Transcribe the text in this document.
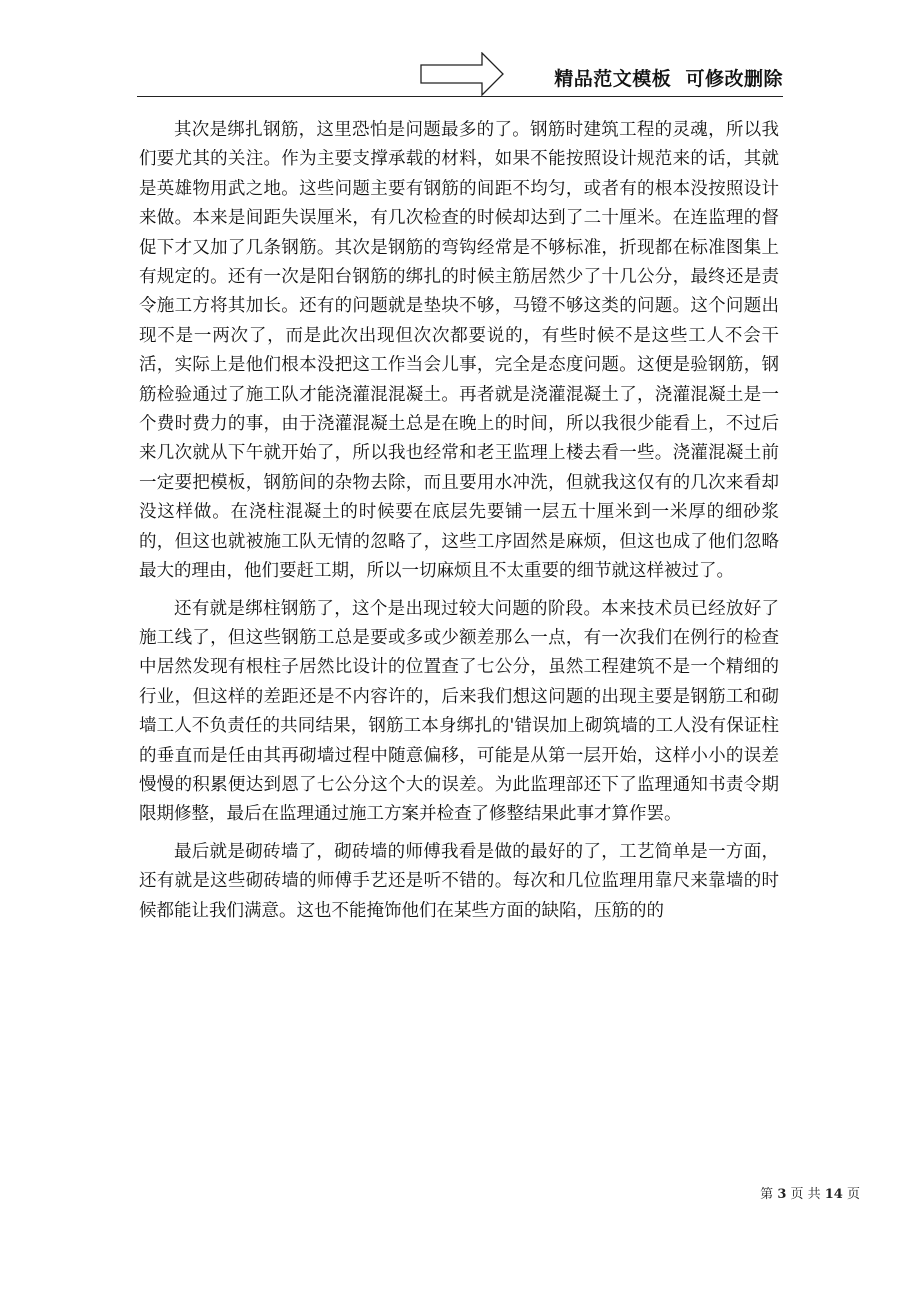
精品范文模板  可修改删除

其次是绑扎钢筋，这里恐怕是问题最多的了。钢筋时建筑工程的灵魂，所以我们要尤其的关注。作为主要支撑承载的材料，如果不能按照设计规范来的话，其就是英雄物用武之地。这些问题主要有钢筋的间距不均匀，或者有的根本没按照设计来做。本来是间距失误厘米，有几次检查的时候却达到了二十厘米。在连监理的督促下才又加了几条钢筋。其次是钢筋的弯钩经常是不够标准，折现都在标准图集上有规定的。还有一次是阳台钢筋的绑扎的时候主筋居然少了十几公分，最终还是责令施工方将其加长。还有的问题就是垫块不够，马镫不够这类的问题。这个问题出现不是一两次了，而是此次出现但次次都要说的，有些时候不是这些工人不会干活，实际上是他们根本没把这工作当会儿事，完全是态度问题。这便是验钢筋，钢筋检验通过了施工队才能浇灌混混凝土。再者就是浇灌混凝土了，浇灌混凝土是一个费时费力的事，由于浇灌混凝土总是在晚上的时间，所以我很少能看上，不过后来几次就从下午就开始了，所以我也经常和老王监理上楼去看一些。浇灌混凝土前一定要把模板，钢筋间的杂物去除，而且要用水冲洗，但就我这仅有的几次来看却没这样做。在浇柱混凝土的时候要在底层先要铺一层五十厘米到一米厚的细砂浆的，但这也就被施工队无情的忽略了，这些工序固然是麻烦，但这也成了他们忽略最大的理由，他们要赶工期，所以一切麻烦且不太重要的细节就这样被过了。

还有就是绑柱钢筋了，这个是出现过较大问题的阶段。本来技术员已经放好了施工线了，但这些钢筋工总是要或多或少额差那么一点，有一次我们在例行的检查中居然发现有根柱子居然比设计的位置查了七公分，虽然工程建筑不是一个精细的行业，但这样的差距还是不内容许的，后来我们想这问题的出现主要是钢筋工和砌墙工人不负责任的共同结果，钢筋工本身绑扎的'错误加上砌筑墙的工人没有保证柱的垂直而是任由其再砌墙过程中随意偏移，可能是从第一层开始，这样小小的误差慢慢的积累便达到恩了七公分这个大的误差。为此监理部还下了监理通知书责令期限期修整，最后在监理通过施工方案并检查了修整结果此事才算作罢。

最后就是砌砖墙了，砌砖墙的师傅我看是做的最好的了，工艺简单是一方面，还有就是这些砌砖墙的师傅手艺还是听不错的。每次和几位监理用靠尺来靠墙的时候都能让我们满意。这也不能掩饰他们在某些方面的缺陷，压筋的的

第 3 页 共 14 页
